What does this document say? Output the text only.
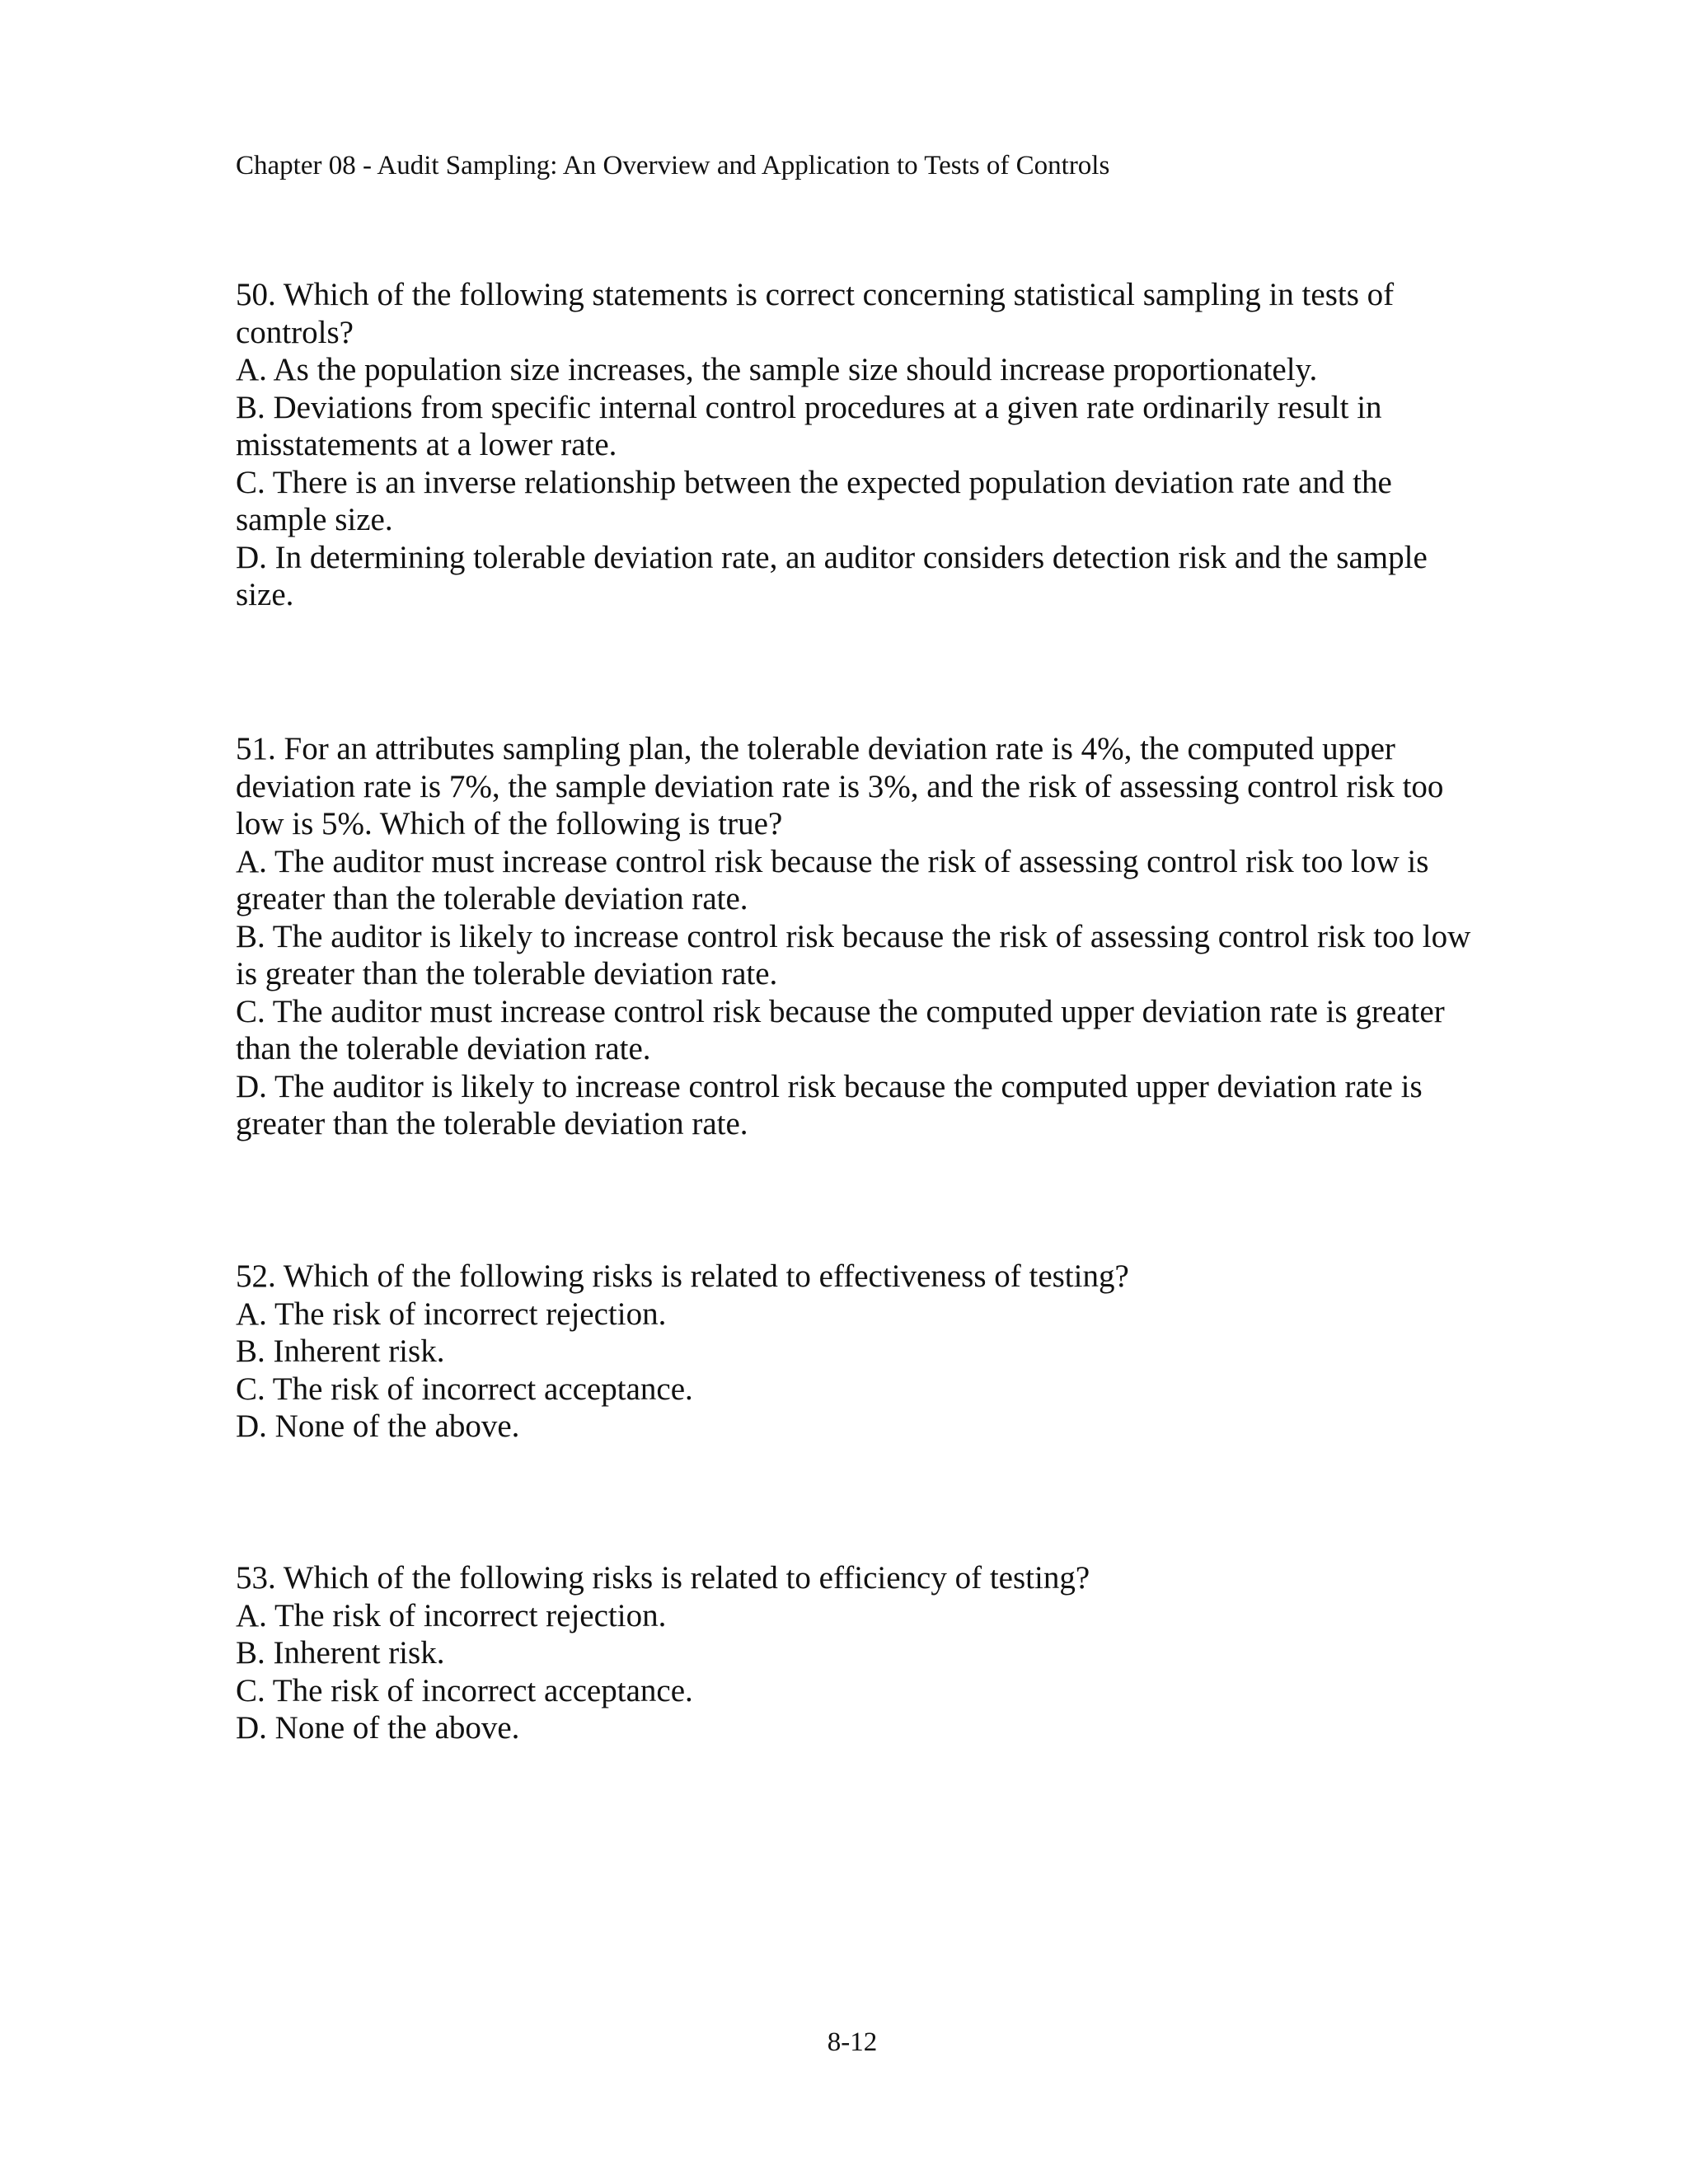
Chapter 08 - Audit Sampling: An Overview and Application to Tests of Controls

50. Which of the following statements is correct concerning statistical sampling in tests of controls?

A. As the population size increases, the sample size should increase proportionately.

B. Deviations from specific internal control procedures at a given rate ordinarily result in misstatements at a lower rate.

C. There is an inverse relationship between the expected population deviation rate and the sample size.

D. In determining tolerable deviation rate, an auditor considers detection risk and the sample size.

51. For an attributes sampling plan, the tolerable deviation rate is 4%, the computed upper deviation rate is 7%, the sample deviation rate is 3%, and the risk of assessing control risk too low is 5%. Which of the following is true?

A. The auditor must increase control risk because the risk of assessing control risk too low is greater than the tolerable deviation rate.

B. The auditor is likely to increase control risk because the risk of assessing control risk too low is greater than the tolerable deviation rate.

C. The auditor must increase control risk because the computed upper deviation rate is greater than the tolerable deviation rate.

D. The auditor is likely to increase control risk because the computed upper deviation rate is greater than the tolerable deviation rate.

52. Which of the following risks is related to effectiveness of testing?

A. The risk of incorrect rejection.

B. Inherent risk.

C. The risk of incorrect acceptance.

D. None of the above.

53. Which of the following risks is related to efficiency of testing?

A. The risk of incorrect rejection.

B. Inherent risk.

C. The risk of incorrect acceptance.

D. None of the above.

8-12
